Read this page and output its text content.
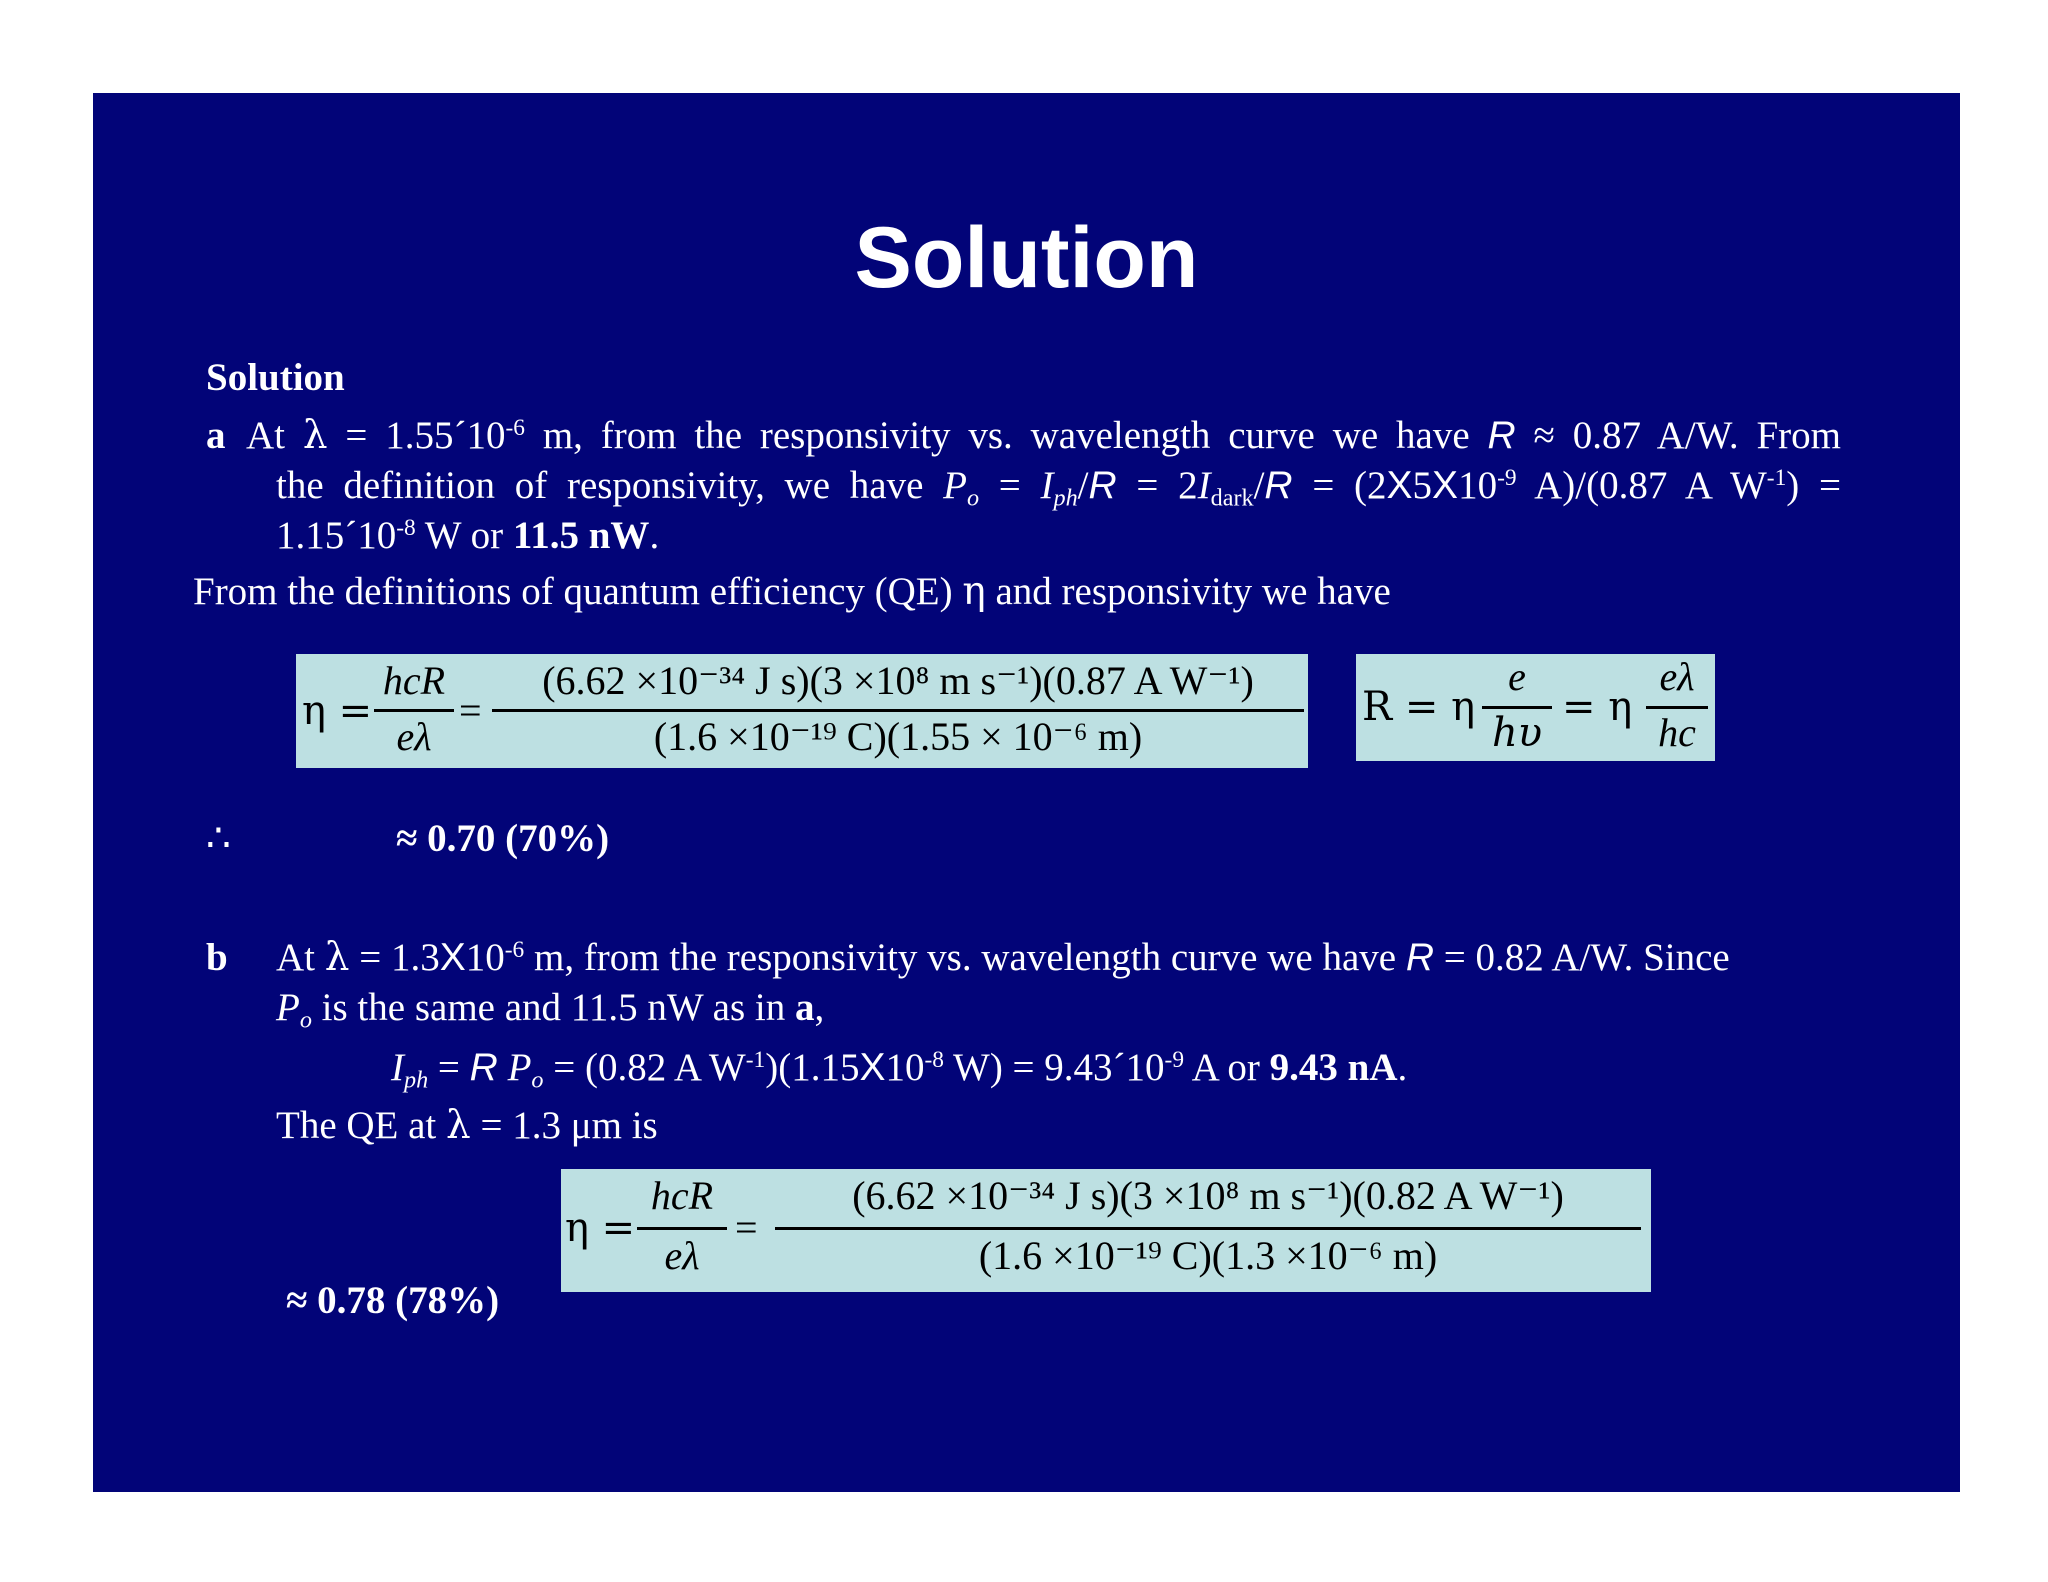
Solution
Solution
a At $\lambda = 1.55´10^{-6}$ m, from the responsivity vs. wavelength curve we have R ≈ 0.87 A/W. From
the definition of responsivity, we have $P_o = I_{ph}/R = 2I_{dark}/R = (2X5X10^{-9}$ A)/(0.87 A $W^{-1}$) =
$1.15´10^{-8}$ W or 11.5 nW.
From the definitions of quantum efficiency (QE) η and responsivity we have
η =
hcR
eλ
=
(6.62 ×10⁻³⁴ J s)(3 ×10⁸ m s⁻¹)(0.87 A W⁻¹)
(1.6 ×10⁻¹⁹ C)(1.55 × 10⁻⁶ m)
R = η
e
hυ
= η
eλ
hc
∴	≈ 0.70 (70%)
b At $\lambda = 1.3X10^{-6}$ m, from the responsivity vs. wavelength curve we have R = 0.82 A/W. Since
$P_o$ is the same and 11.5 nW as in a,
$I_{ph} = R$ $P_o = (0.82$ A $W^{-1})(1.15X10^{-8}$ $W) = 9.43´10^{-9}$ A or 9.43 nA.
The QE at λ = 1.3 μm is
η =
hcR
eλ
=
(6.62 ×10⁻³⁴ J s)(3 ×10⁸ m s⁻¹)(0.82 A W⁻¹)
(1.6 ×10⁻¹⁹ C)(1.3 ×10⁻⁶ m)
≈ 0.78 (78%)
